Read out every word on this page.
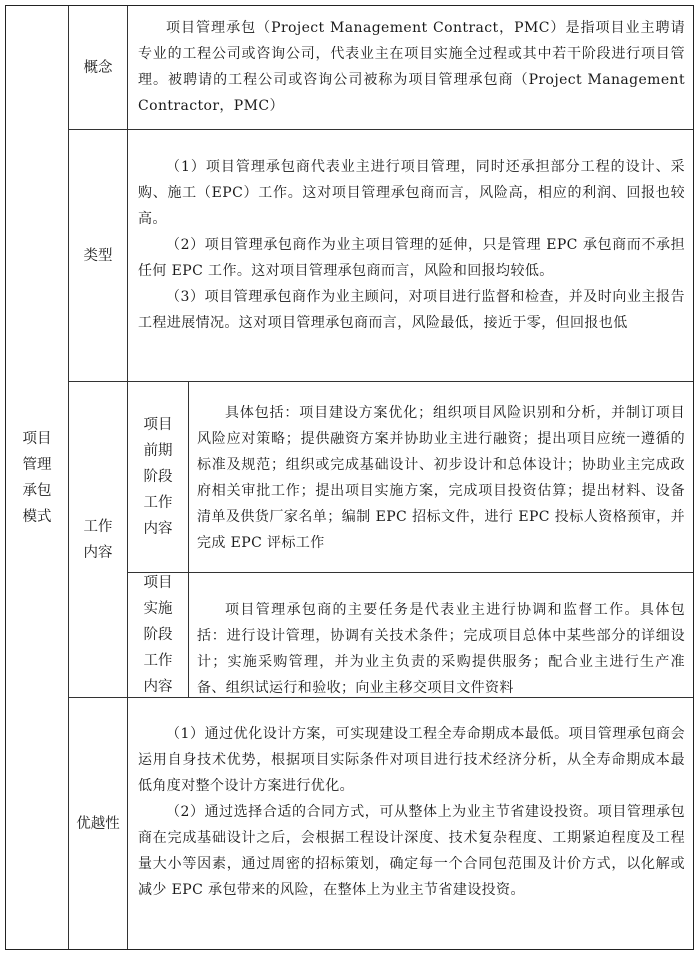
项目
管理
承包
模式
概念

项目管理承包（Project Management Contract，PMC）是指项目业主聘请专业的工程公司或咨询公司，代表业主在项目实施全过程或其中若干阶段进行项目管理。被聘请的工程公司或咨询公司被称为项目管理承包商（Project Management Contractor，PMC）

类型

（1）项目管理承包商代表业主进行项目管理，同时还承担部分工程的设计、采购、施工（EPC）工作。这对项目管理承包商而言，风险高，相应的利润、回报也较高。

（2）项目管理承包商作为业主项目管理的延伸，只是管理 EPC 承包商而不承担任何 EPC 工作。这对项目管理承包商而言，风险和回报均较低。

（3）项目管理承包商作为业主顾问，对项目进行监督和检查，并及时向业主报告工程进展情况。这对项目管理承包商而言，风险最低，接近于零，但回报也低

工作
内容
项目
前期
阶段
工作
内容

具体包括：项目建设方案优化；组织项目风险识别和分析，并制订项目风险应对策略；提供融资方案并协助业主进行融资；提出项目应统一遵循的标准及规范；组织或完成基础设计、初步设计和总体设计；协助业主完成政府相关审批工作；提出项目实施方案，完成项目投资估算；提出材料、设备清单及供货厂家名单；编制 EPC 招标文件，进行 EPC 投标人资格预审，并完成 EPC 评标工作

项目
实施
阶段
工作
内容

项目管理承包商的主要任务是代表业主进行协调和监督工作。具体包括：进行设计管理，协调有关技术条件；完成项目总体中某些部分的详细设计；实施采购管理，并为业主负责的采购提供服务；配合业主进行生产准备、组织试运行和验收；向业主移交项目文件资料

优越性

（1）通过优化设计方案，可实现建设工程全寿命期成本最低。项目管理承包商会运用自身技术优势，根据项目实际条件对项目进行技术经济分析，从全寿命期成本最低角度对整个设计方案进行优化。

（2）通过选择合适的合同方式，可从整体上为业主节省建设投资。项目管理承包商在完成基础设计之后，会根据工程设计深度、技术复杂程度、工期紧迫程度及工程量大小等因素，通过周密的招标策划，确定每一个合同包范围及计价方式，以化解或减少 EPC 承包带来的风险，在整体上为业主节省建设投资。
